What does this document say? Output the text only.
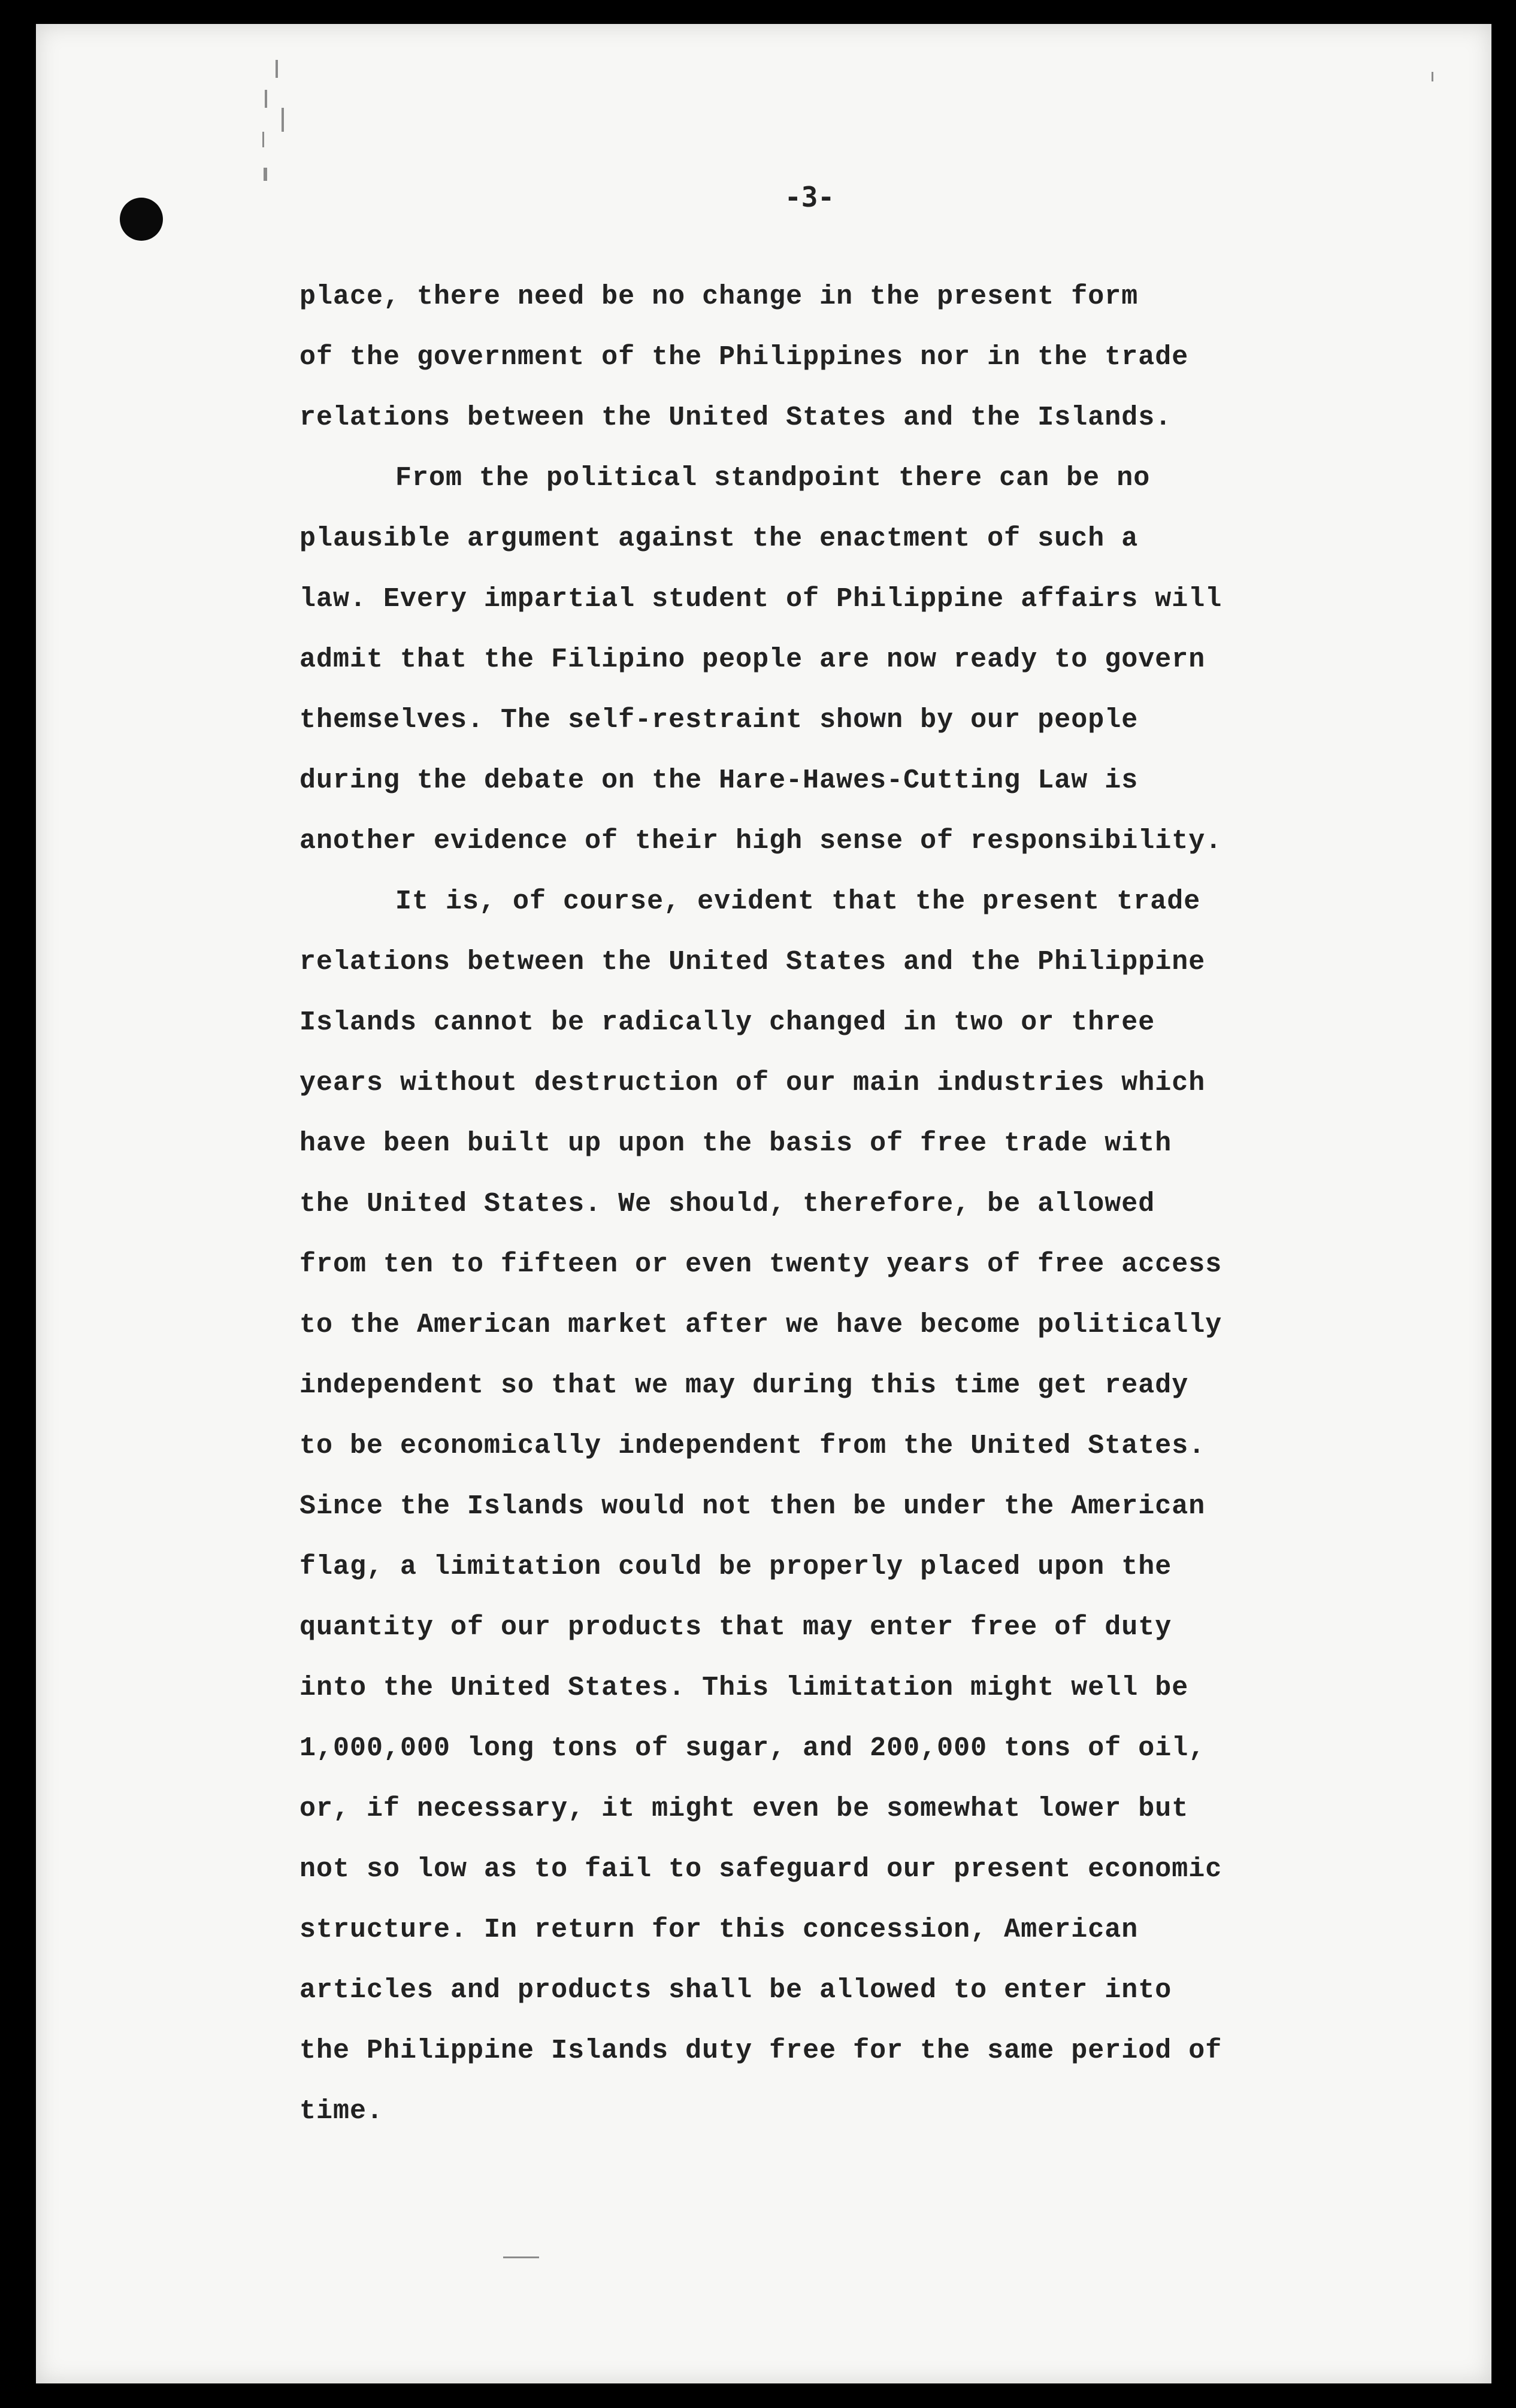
-3-
place, there need be no change in the present form
of the government of the Philippines nor in the trade
relations between the United States and the Islands.
From the political standpoint there can be no
plausible argument against the enactment of such a
law. Every impartial student of Philippine affairs will
admit that the Filipino people are now ready to govern
themselves. The self-restraint shown by our people
during the debate on the Hare-Hawes-Cutting Law is
another evidence of their high sense of responsibility.
It is, of course, evident that the present trade
relations between the United States and the Philippine
Islands cannot be radically changed in two or three
years without destruction of our main industries which
have been built up upon the basis of free trade with
the United States. We should, therefore, be allowed
from ten to fifteen or even twenty years of free access
to the American market after we have become politically
independent so that we may during this time get ready
to be economically independent from the United States.
Since the Islands would not then be under the American
flag, a limitation could be properly placed upon the
quantity of our products that may enter free of duty
into the United States. This limitation might well be
1,000,000 long tons of sugar, and 200,000 tons of oil,
or, if necessary, it might even be somewhat lower but
not so low as to fail to safeguard our present economic
structure. In return for this concession, American
articles and products shall be allowed to enter into
the Philippine Islands duty free for the same period of
time.
